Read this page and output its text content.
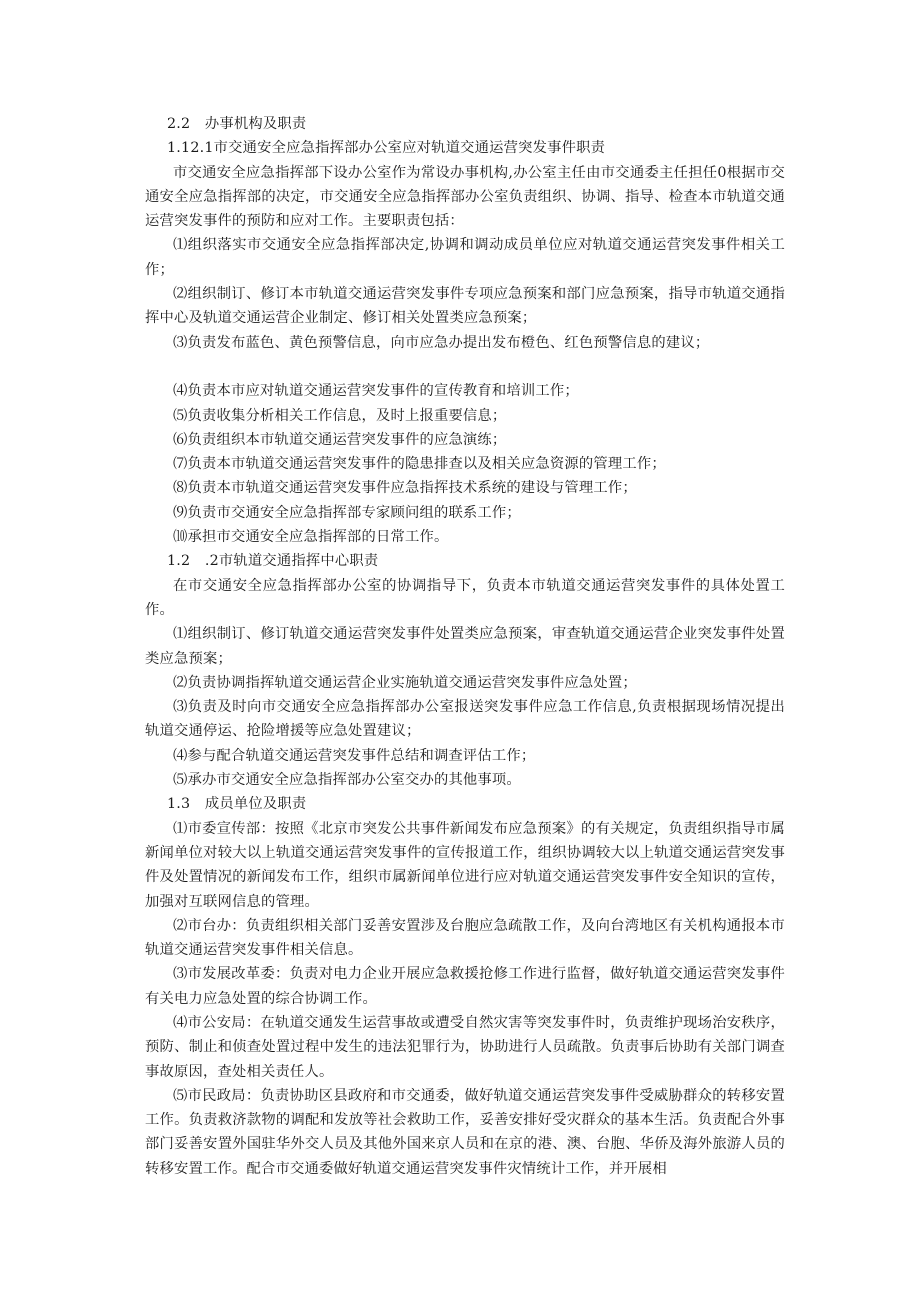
2.2　办事机构及职责

1.12.1市交通安全应急指挥部办公室应对轨道交通运营突发事件职责

市交通安全应急指挥部下设办公室作为常设办事机构,办公室主任由市交通委主任担任0根据市交通安全应急指挥部的决定，市交通安全应急指挥部办公室负责组织、协调、指导、检查本市轨道交通运营突发事件的预防和应对工作。主要职责包括：

⑴组织落实市交通安全应急指挥部决定,协调和调动成员单位应对轨道交通运营突发事件相关工作；

⑵组织制订、修订本市轨道交通运营突发事件专项应急预案和部门应急预案，指导市轨道交通指挥中心及轨道交通运营企业制定、修订相关处置类应急预案；

⑶负责发布蓝色、黄色预警信息，向市应急办提出发布橙色、红色预警信息的建议；

⑷负责本市应对轨道交通运营突发事件的宣传教育和培训工作；

⑸负责收集分析相关工作信息，及时上报重要信息；

⑹负责组织本市轨道交通运营突发事件的应急演练；

⑺负责本市轨道交通运营突发事件的隐患排查以及相关应急资源的管理工作；

⑻负责本市轨道交通运营突发事件应急指挥技术系统的建设与管理工作；

⑼负责市交通安全应急指挥部专家顾问组的联系工作；

⑽承担市交通安全应急指挥部的日常工作。

1.2　.2市轨道交通指挥中心职责

在市交通安全应急指挥部办公室的协调指导下，负责本市轨道交通运营突发事件的具体处置工作。

⑴组织制订、修订轨道交通运营突发事件处置类应急预案，审查轨道交通运营企业突发事件处置类应急预案；

⑵负责协调指挥轨道交通运营企业实施轨道交通运营突发事件应急处置；

⑶负责及时向市交通安全应急指挥部办公室报送突发事件应急工作信息,负责根据现场情况提出轨道交通停运、抢险增援等应急处置建议；

⑷参与配合轨道交通运营突发事件总结和调查评估工作；

⑸承办市交通安全应急指挥部办公室交办的其他事项。

1.3　成员单位及职责

⑴市委宣传部：按照《北京市突发公共事件新闻发布应急预案》的有关规定，负责组织指导市属新闻单位对较大以上轨道交通运营突发事件的宣传报道工作，组织协调较大以上轨道交通运营突发事件及处置情况的新闻发布工作，组织市属新闻单位进行应对轨道交通运营突发事件安全知识的宣传，加强对互联网信息的管理。

⑵市台办：负责组织相关部门妥善安置涉及台胞应急疏散工作，及向台湾地区有关机构通报本市轨道交通运营突发事件相关信息。

⑶市发展改革委：负责对电力企业开展应急救援抢修工作进行监督，做好轨道交通运营突发事件有关电力应急处置的综合协调工作。

⑷市公安局：在轨道交通发生运营事故或遭受自然灾害等突发事件时，负责维护现场治安秩序，预防、制止和侦查处置过程中发生的违法犯罪行为，协助进行人员疏散。负责事后协助有关部门调查事故原因，查处相关责任人。

⑸市民政局：负责协助区县政府和市交通委，做好轨道交通运营突发事件受威胁群众的转移安置工作。负责救济款物的调配和发放等社会救助工作，妥善安排好受灾群众的基本生活。负责配合外事部门妥善安置外国驻华外交人员及其他外国来京人员和在京的港、澳、台胞、华侨及海外旅游人员的转移安置工作。配合市交通委做好轨道交通运营突发事件灾情统计工作，并开展相
